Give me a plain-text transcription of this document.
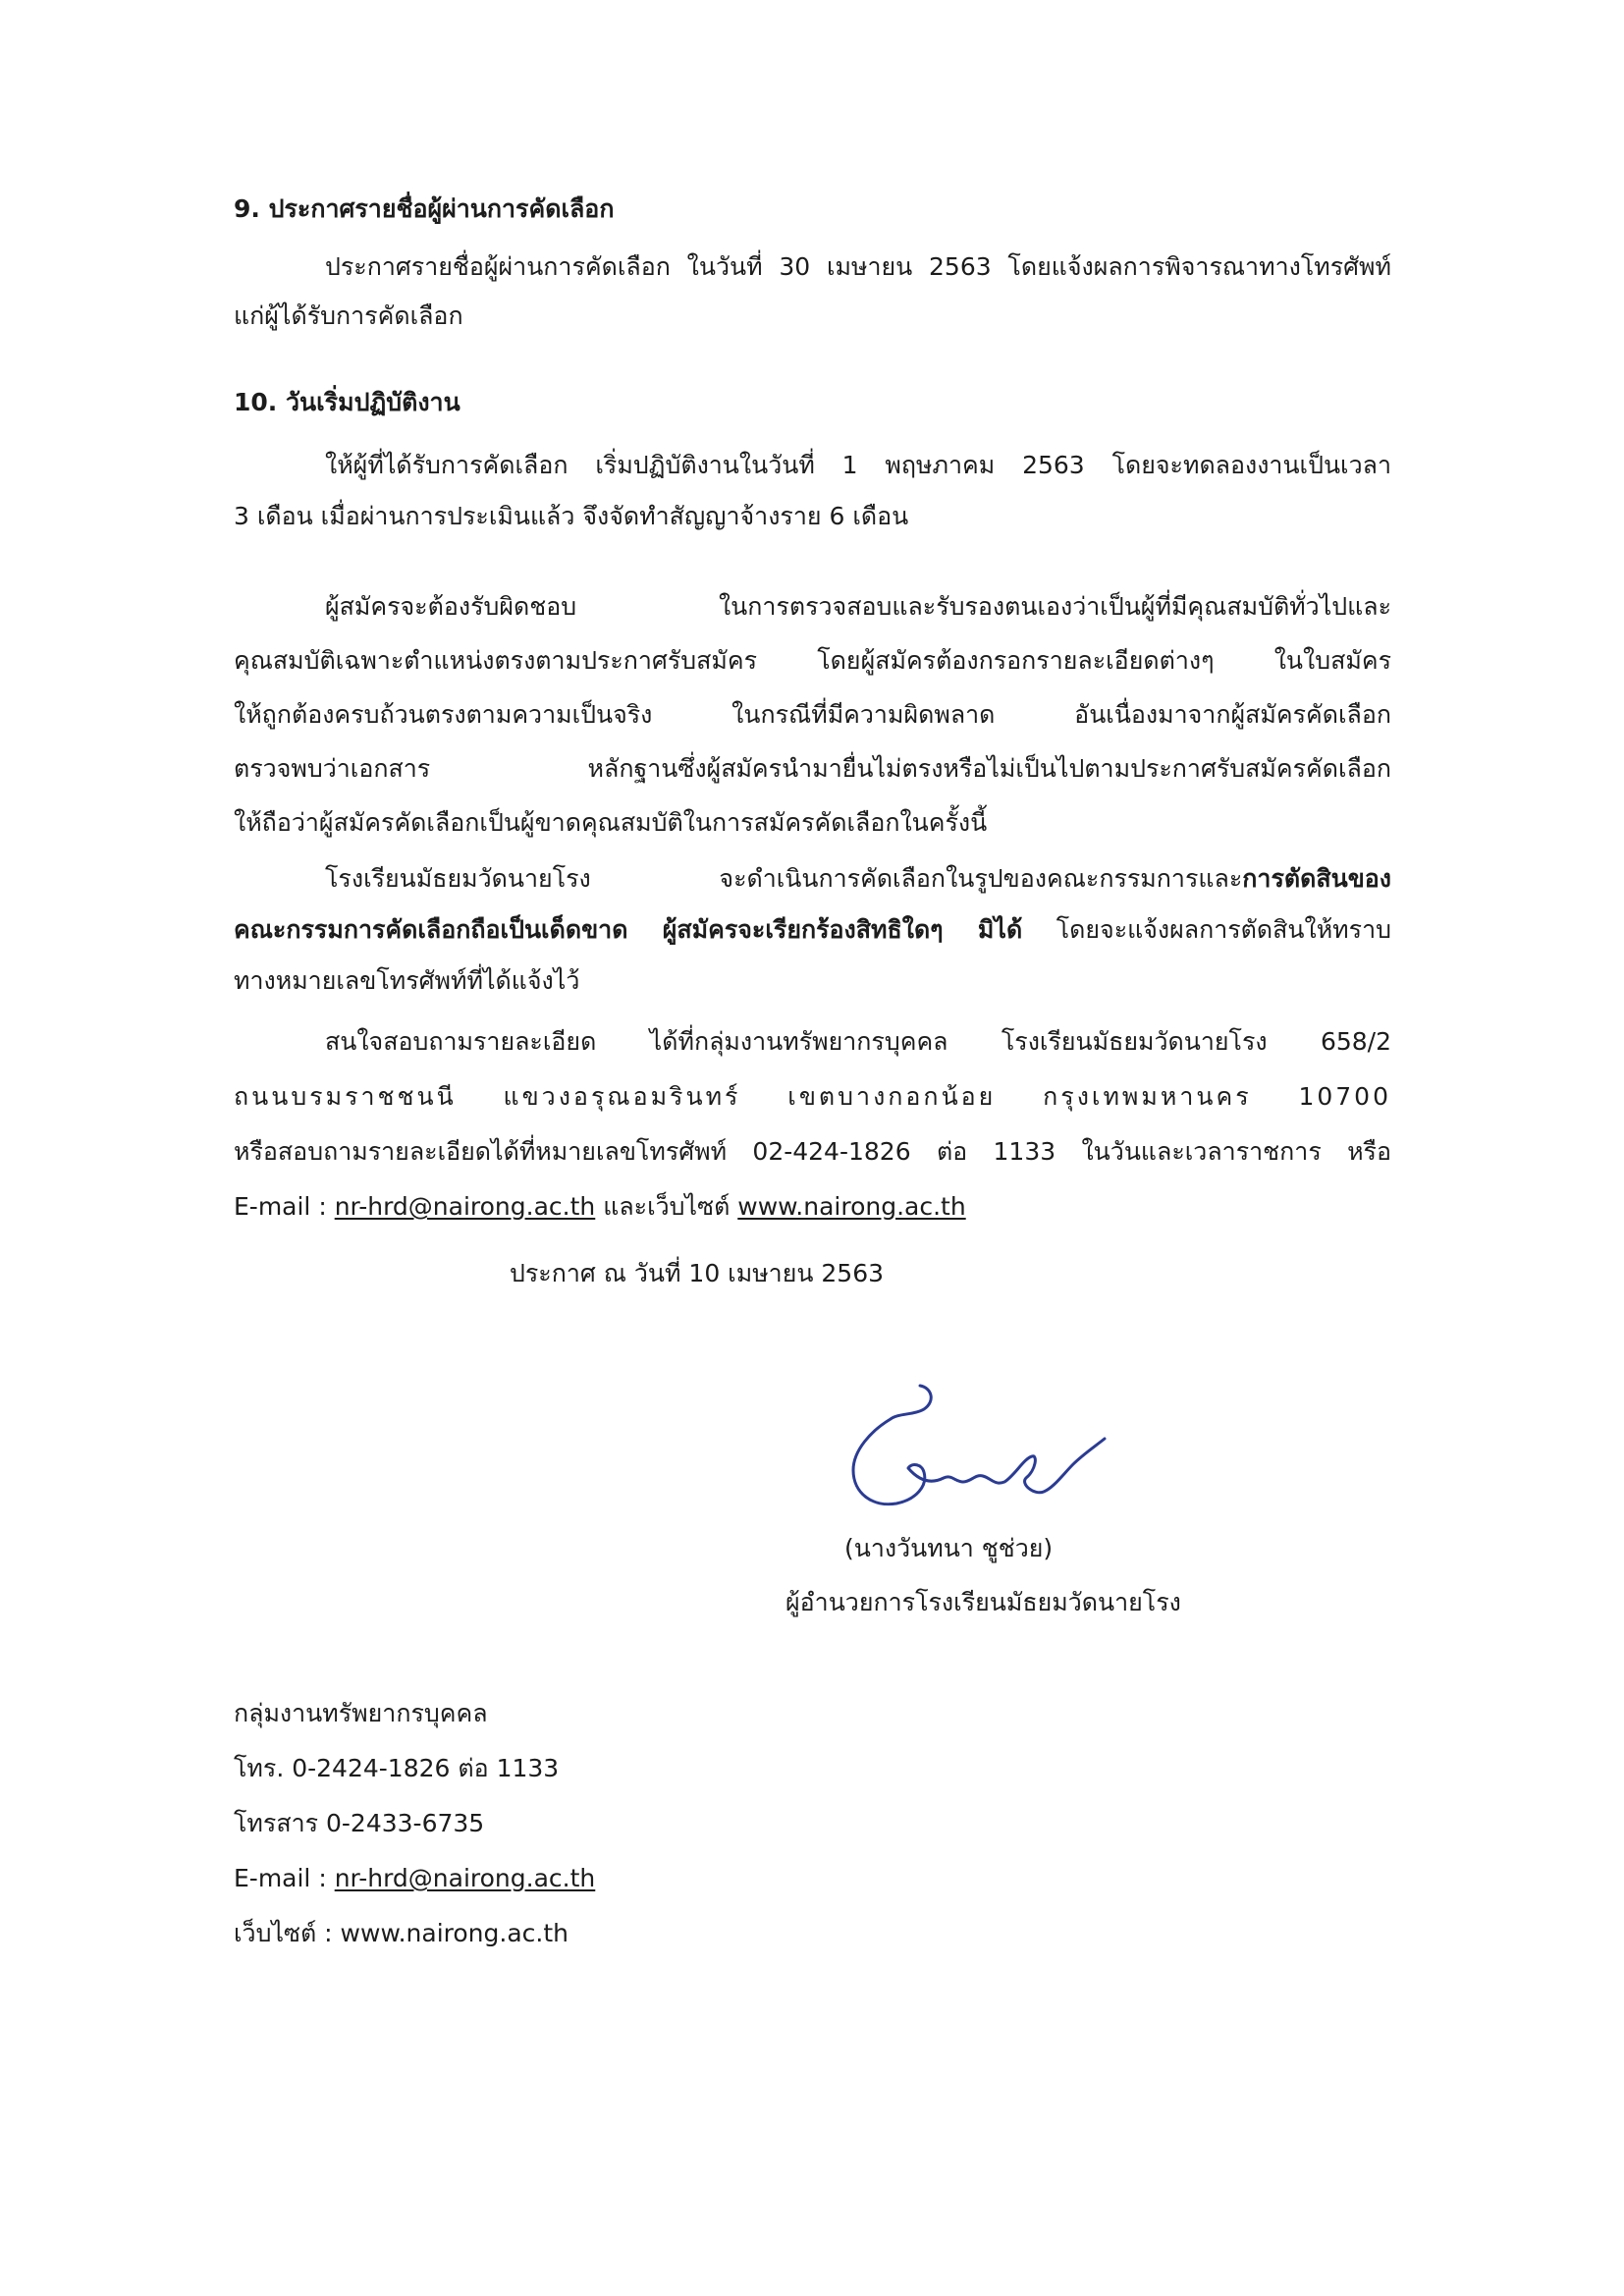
9. ประกาศรายชื่อผู้ผ่านการคัดเลือก
ประกาศรายชื่อผู้ผ่านการคัดเลือก ในวันที่ 30 เมษายน 2563 โดยแจ้งผลการพิจารณาทางโทรศัพท์
แก่ผู้ได้รับการคัดเลือก
10. วันเริ่มปฏิบัติงาน
ให้ผู้ที่ได้รับการคัดเลือก เริ่มปฏิบัติงานในวันที่ 1 พฤษภาคม 2563 โดยจะทดลองงานเป็นเวลา
3 เดือน เมื่อผ่านการประเมินแล้ว จึงจัดทำสัญญาจ้างราย 6 เดือน
ผู้สมัครจะต้องรับผิดชอบ ในการตรวจสอบและรับรองตนเองว่าเป็นผู้ที่มีคุณสมบัติทั่วไปและ
คุณสมบัติเฉพาะตำแหน่งตรงตามประกาศรับสมัคร โดยผู้สมัครต้องกรอกรายละเอียดต่างๆ ในใบสมัคร
ให้ถูกต้องครบถ้วนตรงตามความเป็นจริง ในกรณีที่มีความผิดพลาด อันเนื่องมาจากผู้สมัครคัดเลือก
ตรวจพบว่าเอกสาร หลักฐานซึ่งผู้สมัครนำมายื่นไม่ตรงหรือไม่เป็นไปตามประกาศรับสมัครคัดเลือก
ให้ถือว่าผู้สมัครคัดเลือกเป็นผู้ขาดคุณสมบัติในการสมัครคัดเลือกในครั้งนี้
โรงเรียนมัธยมวัดนายโรง จะดำเนินการคัดเลือกในรูปของคณะกรรมการและการตัดสินของ
คณะกรรมการคัดเลือกถือเป็นเด็ดขาด ผู้สมัครจะเรียกร้องสิทธิใดๆ มิได้ โดยจะแจ้งผลการตัดสินให้ทราบ
ทางหมายเลขโทรศัพท์ที่ได้แจ้งไว้
สนใจสอบถามรายละเอียด ได้ที่กลุ่มงานทรัพยากรบุคคล โรงเรียนมัธยมวัดนายโรง 658/2
ถนนบรมราชชนนี แขวงอรุณอมรินทร์ เขตบางกอกน้อย กรุงเทพมหานคร 10700
หรือสอบถามรายละเอียดได้ที่หมายเลขโทรศัพท์ 02-424-1826 ต่อ 1133 ในวันและเวลาราชการ หรือ
E-mail : nr-hrd@nairong.ac.th และเว็บไซต์ www.nairong.ac.th
ประกาศ ณ วันที่ 10 เมษายน 2563
(นางวันทนา ชูช่วย)
ผู้อำนวยการโรงเรียนมัธยมวัดนายโรง
กลุ่มงานทรัพยากรบุคคล
โทร. 0-2424-1826 ต่อ 1133
โทรสาร 0-2433-6735
E-mail : nr-hrd@nairong.ac.th
เว็บไซต์ : www.nairong.ac.th
